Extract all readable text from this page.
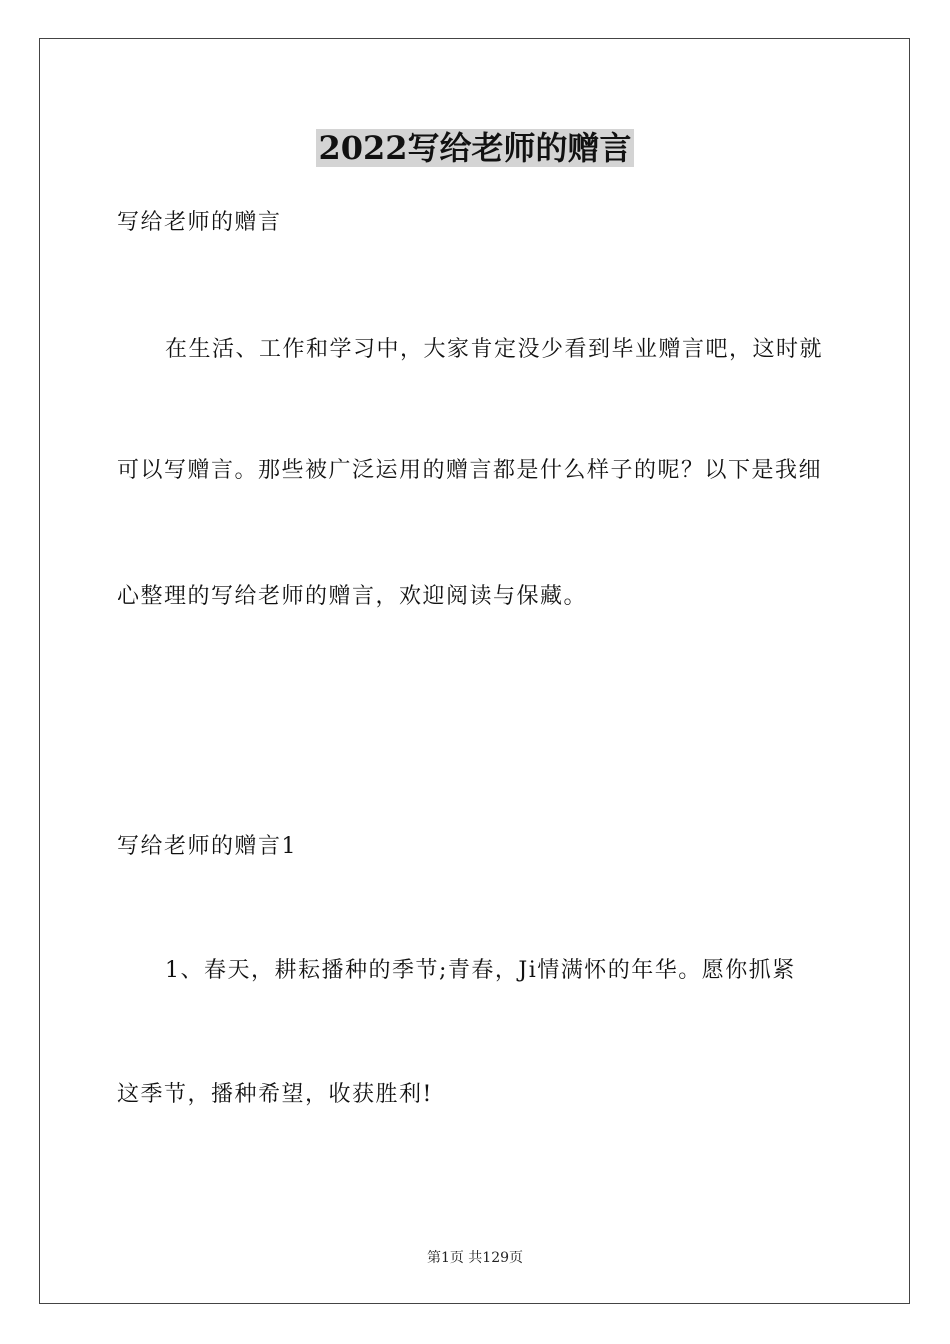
2022写给老师的赠言
写给老师的赠言
在生活、工作和学习中，大家肯定没少看到毕业赠言吧，这时就
可以写赠言。那些被广泛运用的赠言都是什么样子的呢？以下是我细
心整理的写给老师的赠言，欢迎阅读与保藏。
写给老师的赠言1
1、春天，耕耘播种的季节;青春，Ji情满怀的年华。愿你抓紧
这季节，播种希望，收获胜利!
第1页 共129页
